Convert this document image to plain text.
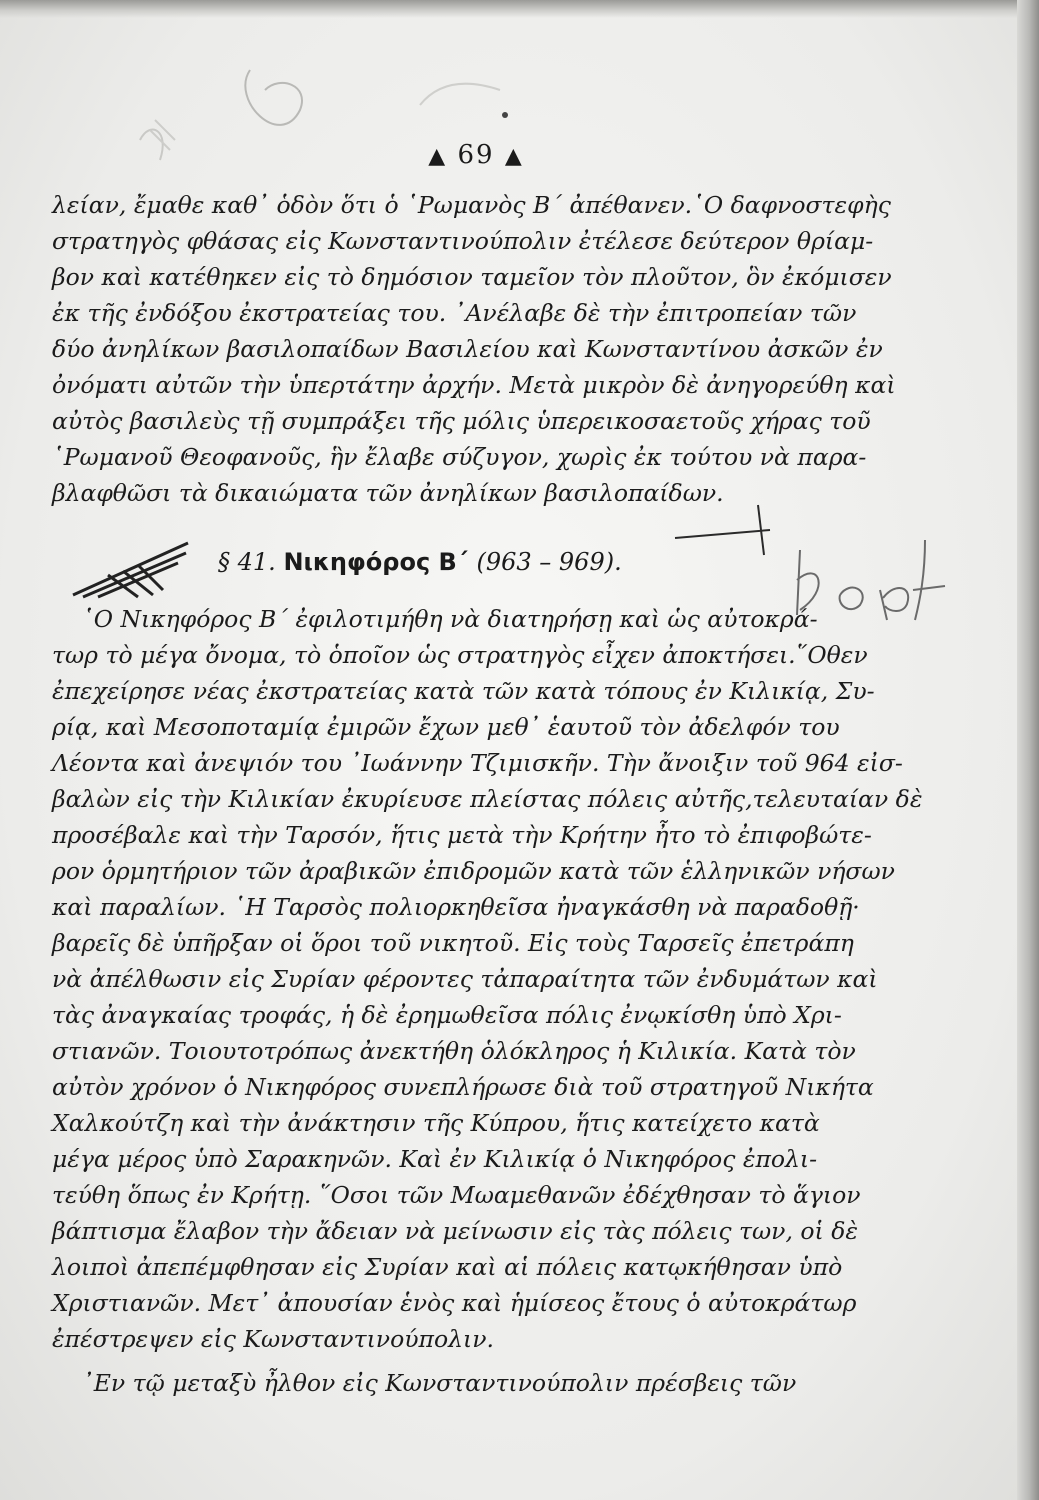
▲ 69 ▲
λείαν, ἔμαθε καθ᾽ ὁδὸν ὅτι ὁ ῾Ρωμανὸς Β´ ἀπέθανεν.῾Ο δαφνοστεφὴς
στρατηγὸς φθάσας εἰς Κωνσταντινούπολιν ἐτέλεσε δεύτερον θρίαμ-
βον καὶ κατέθηκεν εἰς τὸ δημόσιον ταμεῖον τὸν πλοῦτον, ὃν ἐκόμισεν
ἐκ τῆς ἐνδόξου ἐκστρατείας του. ᾽Ανέλαβε δὲ τὴν ἐπιτροπείαν τῶν
δύο ἀνηλίκων βασιλοπαίδων Βασιλείου καὶ Κωνσταντίνου ἀσκῶν ἐν
ὀνόματι αὐτῶν τὴν ὑπερτάτην ἀρχήν. Μετὰ μικρὸν δὲ ἀνηγορεύθη καὶ
αὐτὸς βασιλεὺς τῇ συμπράξει τῆς μόλις ὑπερεικοσαετοῦς χήρας τοῦ
῾Ρωμανοῦ Θεοφανοῦς, ἣν ἔλαβε σύζυγον, χωρὶς ἐκ τούτου νὰ παρα-
βλαφθῶσι τὰ δικαιώματα τῶν ἀνηλίκων βασιλοπαίδων.
§ 41. Νικηφόρος Β´ (963 – 969).
῾Ο Νικηφόρος Β´ ἐφιλοτιμήθη νὰ διατηρήσῃ καὶ ὡς αὐτοκρά-
τωρ τὸ μέγα ὄνομα, τὸ ὁποῖον ὡς στρατηγὸς εἶχεν ἀποκτήσει.῞Οθεν
ἐπεχείρησε νέας ἐκστρατείας κατὰ τῶν κατὰ τόπους ἐν Κιλικίᾳ, Συ-
ρίᾳ, καὶ Μεσοποταμίᾳ ἐμιρῶν ἔχων μεθ᾽ ἑαυτοῦ τὸν ἀδελφόν του
Λέοντα καὶ ἀνεψιόν του ᾽Ιωάννην Τζιμισκῆν. Τὴν ἄνοιξιν τοῦ 964 εἰσ-
βαλὼν εἰς τὴν Κιλικίαν ἐκυρίευσε πλείστας πόλεις αὐτῆς,τελευταίαν δὲ
προσέβαλε καὶ τὴν Ταρσόν, ἥτις μετὰ τὴν Κρήτην ἦτο τὸ ἐπιφοβώτε-
ρον ὁρμητήριον τῶν ἀραβικῶν ἐπιδρομῶν κατὰ τῶν ἑλληνικῶν νήσων
καὶ παραλίων. ῾Η Ταρσὸς πολιορκηθεῖσα ἠναγκάσθη νὰ παραδοθῇ·
βαρεῖς δὲ ὑπῆρξαν οἱ ὅροι τοῦ νικητοῦ. Εἰς τοὺς Ταρσεῖς ἐπετράπη
νὰ ἀπέλθωσιν εἰς Συρίαν φέροντες τἀπαραίτητα τῶν ἐνδυμάτων καὶ
τὰς ἀναγκαίας τροφάς, ἡ δὲ ἐρημωθεῖσα πόλις ἐνῳκίσθη ὑπὸ Χρι-
στιανῶν. Τοιουτοτρόπως ἀνεκτήθη ὁλόκληρος ἡ Κιλικία. Κατὰ τὸν
αὐτὸν χρόνον ὁ Νικηφόρος συνεπλήρωσε διὰ τοῦ στρατηγοῦ Νικήτα
Χαλκούτζη καὶ τὴν ἀνάκτησιν τῆς Κύπρου, ἥτις κατείχετο κατὰ
μέγα μέρος ὑπὸ Σαρακηνῶν. Καὶ ἐν Κιλικίᾳ ὁ Νικηφόρος ἐπολι-
τεύθη ὅπως ἐν Κρήτῃ. ῞Οσοι τῶν Μωαμεθανῶν ἐδέχθησαν τὸ ἅγιον
βάπτισμα ἔλαβον τὴν ἄδειαν νὰ μείνωσιν εἰς τὰς πόλεις των, οἱ δὲ
λοιποὶ ἀπεπέμφθησαν εἰς Συρίαν καὶ αἱ πόλεις κατῳκήθησαν ὑπὸ
Χριστιανῶν. Μετ᾽ ἀπουσίαν ἑνὸς καὶ ἡμίσεος ἔτους ὁ αὐτοκράτωρ
ἐπέστρεψεν εἰς Κωνσταντινούπολιν.
᾽Εν τῷ μεταξὺ ἦλθον εἰς Κωνσταντινούπολιν πρέσβεις τῶν
